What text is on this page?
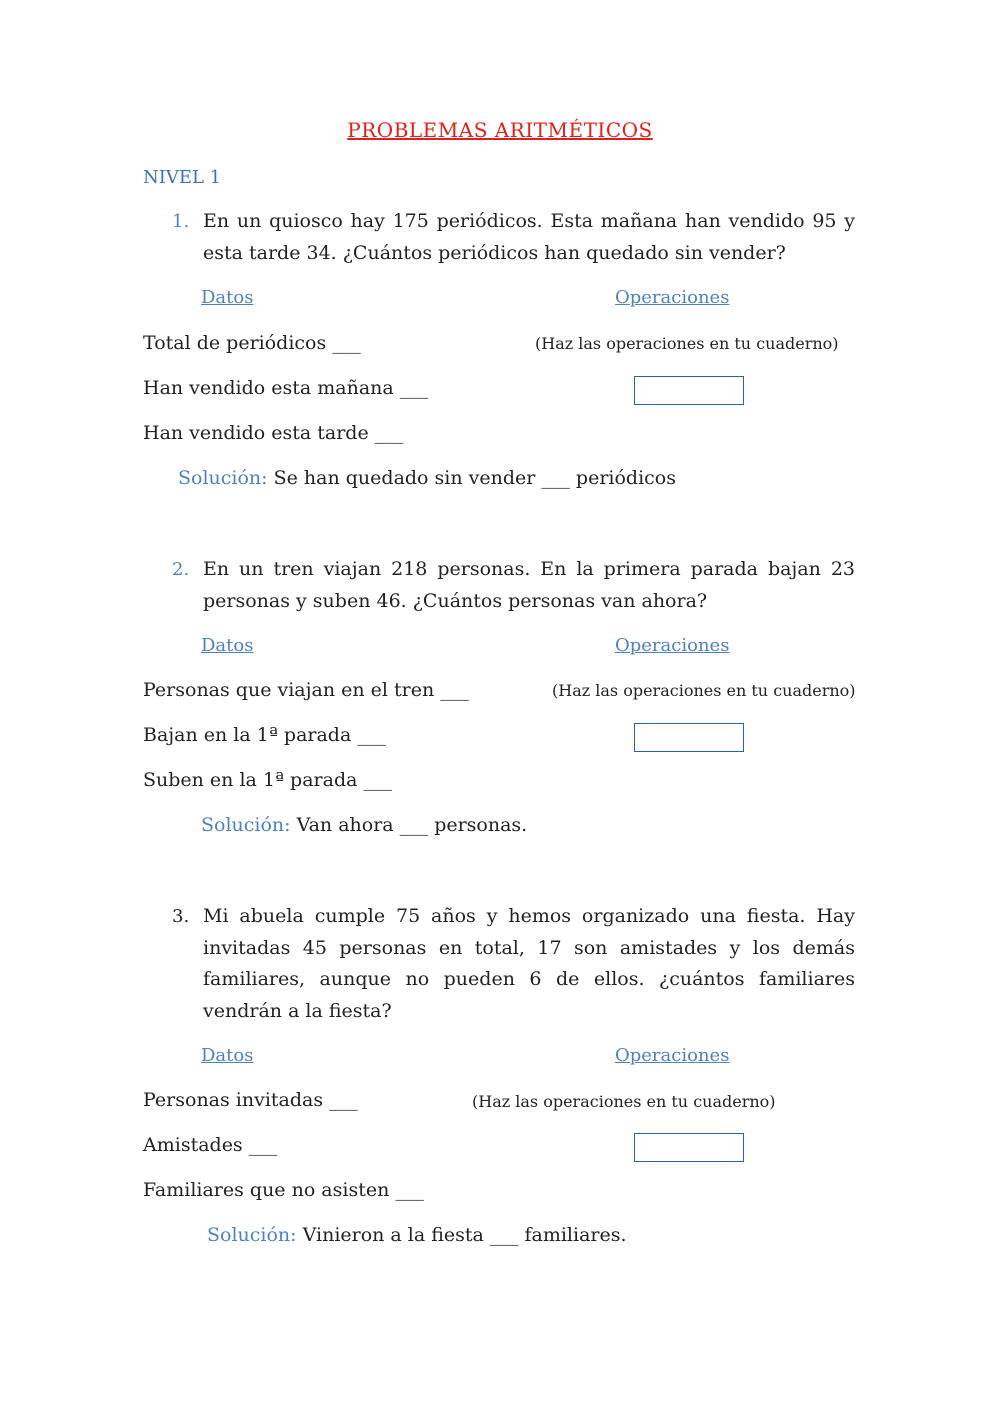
PROBLEMAS ARITMÉTICOS
NIVEL 1
1. En un quiosco hay 175 periódicos. Esta mañana han vendido 95 y esta tarde 34. ¿Cuántos periódicos han quedado sin vender?
Datos	Operaciones
Total de periódicos ___	(Haz las operaciones en tu cuaderno)
Han vendido esta mañana ___
Han vendido esta tarde ___
Solución: Se han quedado sin vender ___ periódicos
2. En un tren viajan 218 personas. En la primera parada bajan 23 personas y suben 46. ¿Cuántos personas van ahora?
Datos	Operaciones
Personas que viajan en el tren ___	(Haz las operaciones en tu cuaderno)
Bajan en la 1ª parada ___
Suben en la 1ª parada ___
Solución: Van ahora ___ personas.
3. Mi abuela cumple 75 años y hemos organizado una fiesta. Hay invitadas 45 personas en total, 17 son amistades y los demás familiares, aunque no pueden 6 de ellos. ¿cuántos familiares vendrán a la fiesta?
Datos	Operaciones
Personas invitadas ___	(Haz las operaciones en tu cuaderno)
Amistades ___
Familiares que no asisten ___
Solución: Vinieron a la fiesta ___ familiares.
